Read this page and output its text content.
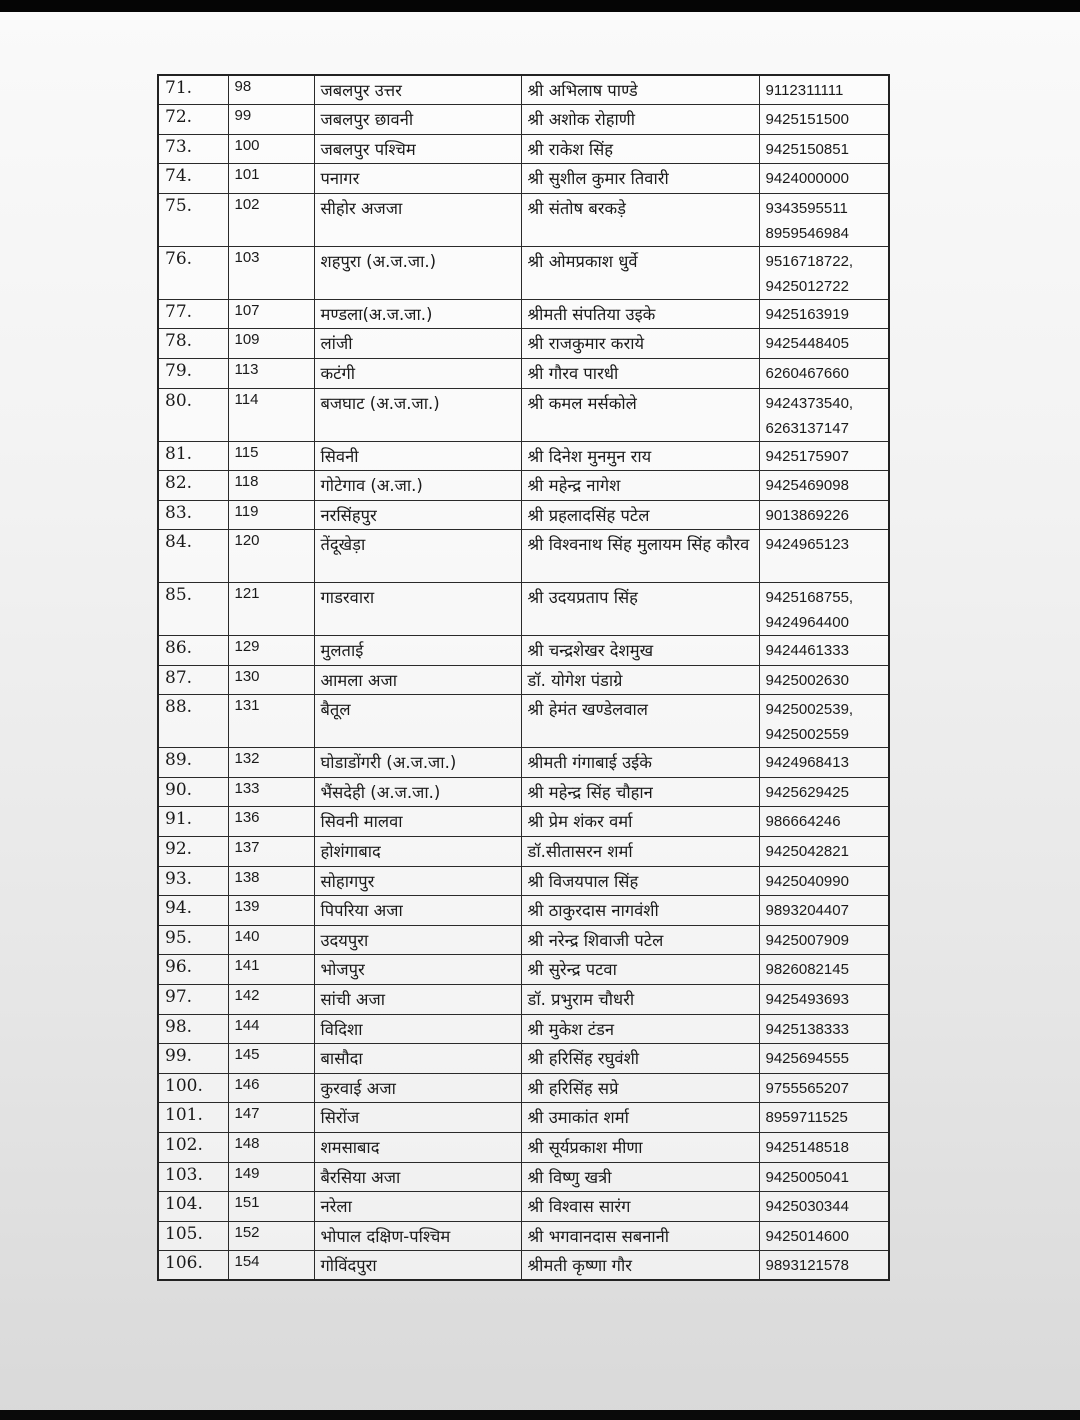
71.	98	जबलपुर उत्तर	श्री अभिलाष पाण्डे	9112311111

72.	99	जबलपुर छावनी	श्री अशोक रोहाणी	9425151500

73.	100	जबलपुर पश्चिम	श्री राकेश सिंह	9425150851

74.	101	पनागर	श्री सुशील कुमार तिवारी	9424000000

75.	102	सीहोर अजजा	श्री संतोष बरकड़े	9343595511
8959546984

76.	103	शहपुरा (अ.ज.जा.)	श्री ओमप्रकाश धुर्वे	9516718722,
9425012722

77.	107	मण्डला(अ.ज.जा.)	श्रीमती संपतिया उइके	9425163919

78.	109	लांजी	श्री राजकुमार कराये	9425448405

79.	113	कटंगी	श्री गौरव पारधी	6260467660

80.	114	बजघाट (अ.ज.जा.)	श्री कमल मर्सकोले	9424373540,
6263137147

81.	115	सिवनी	श्री दिनेश मुनमुन राय	9425175907

82.	118	गोटेगाव (अ.जा.)	श्री महेन्द्र नागेश	9425469098

83.	119	नरसिंहपुर	श्री प्रहलादसिंह पटेल	9013869226

84.	120	तेंदूखेड़ा	श्री विश्वनाथ सिंह मुलायम सिंह कौरव	9424965123

85.	121	गाडरवारा	श्री उदयप्रताप सिंह	9425168755,
9424964400

86.	129	मुलताई	श्री चन्द्रशेखर देशमुख	9424461333

87.	130	आमला अजा	डॉ. योगेश पंडाग्रे	9425002630

88.	131	बैतूल	श्री हेमंत खण्डेलवाल	9425002539,
9425002559

89.	132	घोडाडोंगरी (अ.ज.जा.)	श्रीमती गंगाबाई उईके	9424968413

90.	133	भैंसदेही (अ.ज.जा.)	श्री महेन्द्र सिंह चौहान	9425629425

91.	136	सिवनी मालवा	श्री प्रेम शंकर वर्मा	986664246

92.	137	होशंगाबाद	डॉ.सीतासरन शर्मा	9425042821

93.	138	सोहागपुर	श्री विजयपाल सिंह	9425040990

94.	139	पिपरिया अजा	श्री ठाकुरदास नागवंशी	9893204407

95.	140	उदयपुरा	श्री नरेन्द्र शिवाजी पटेल	9425007909

96.	141	भोजपुर	श्री सुरेन्द्र पटवा	9826082145

97.	142	सांची अजा	डॉ. प्रभुराम चौधरी	9425493693

98.	144	विदिशा	श्री मुकेश टंडन	9425138333

99.	145	बासौदा	श्री हरिसिंह रघुवंशी	9425694555

100.	146	कुरवाई अजा	श्री हरिसिंह सप्रे	9755565207

101.	147	सिरोंज	श्री उमाकांत शर्मा	8959711525

102.	148	शमसाबाद	श्री सूर्यप्रकाश मीणा	9425148518

103.	149	बैरसिया अजा	श्री विष्णु खत्री	9425005041

104.	151	नरेला	श्री विश्वास सारंग	9425030344

105.	152	भोपाल दक्षिण-पश्चिम	श्री भगवानदास सबनानी	9425014600

106.	154	गोविंदपुरा	श्रीमती कृष्णा गौर	9893121578
